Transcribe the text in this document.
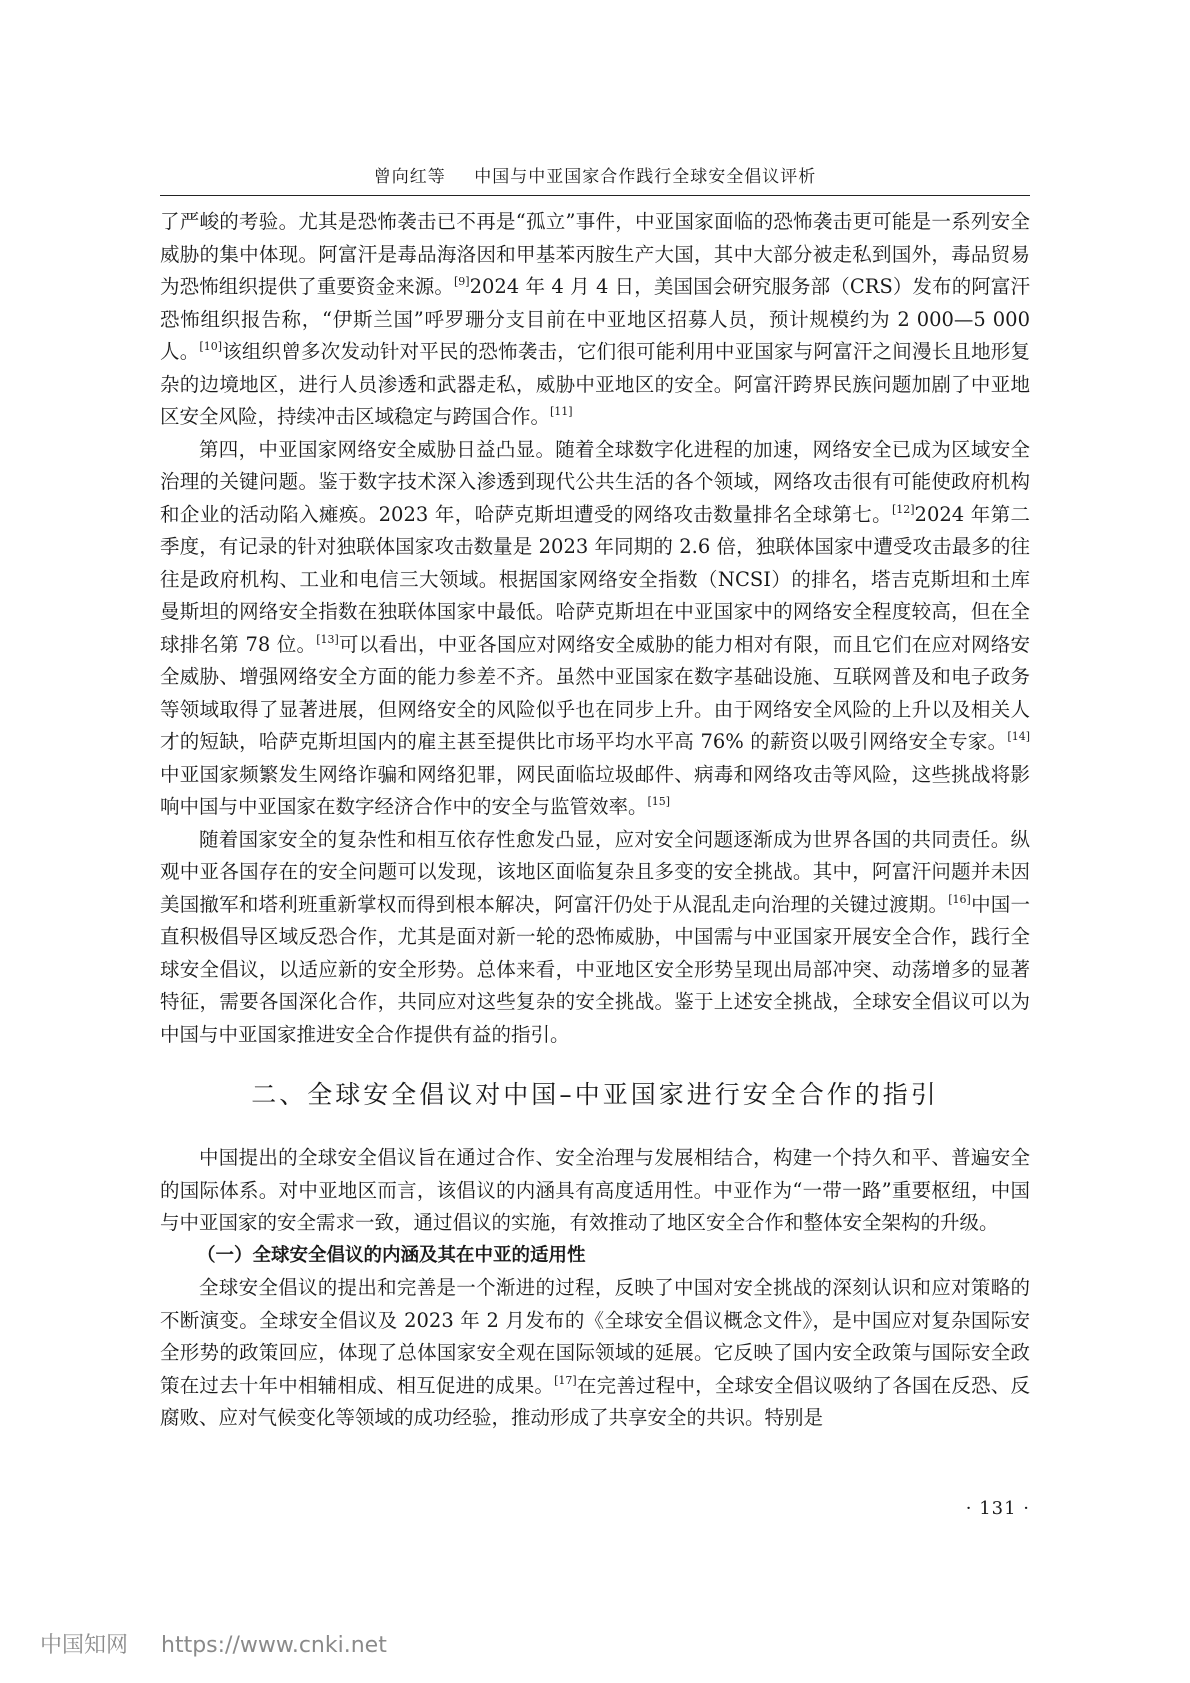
曾向红等 中国与中亚国家合作践行全球安全倡议评析

了严峻的考验。尤其是恐怖袭击已不再是“孤立”事件，中亚国家面临的恐怖袭击更可能是一系列安全威胁的集中体现。阿富汗是毒品海洛因和甲基苯丙胺生产大国，其中大部分被走私到国外，毒品贸易为恐怖组织提供了重要资金来源。[9]2024 年 4 月 4 日，美国国会研究服务部（CRS）发布的阿富汗恐怖组织报告称，“伊斯兰国”呼罗珊分支目前在中亚地区招募人员，预计规模约为 2 000—5 000 人。[10]该组织曾多次发动针对平民的恐怖袭击，它们很可能利用中亚国家与阿富汗之间漫长且地形复杂的边境地区，进行人员渗透和武器走私，威胁中亚地区的安全。阿富汗跨界民族问题加剧了中亚地区安全风险，持续冲击区域稳定与跨国合作。[11]

第四，中亚国家网络安全威胁日益凸显。随着全球数字化进程的加速，网络安全已成为区域安全治理的关键问题。鉴于数字技术深入渗透到现代公共生活的各个领域，网络攻击很有可能使政府机构和企业的活动陷入瘫痪。2023 年，哈萨克斯坦遭受的网络攻击数量排名全球第七。[12]2024 年第二季度，有记录的针对独联体国家攻击数量是 2023 年同期的 2.6 倍，独联体国家中遭受攻击最多的往往是政府机构、工业和电信三大领域。根据国家网络安全指数（NCSI）的排名，塔吉克斯坦和土库曼斯坦的网络安全指数在独联体国家中最低。哈萨克斯坦在中亚国家中的网络安全程度较高，但在全球排名第 78 位。[13]可以看出，中亚各国应对网络安全威胁的能力相对有限，而且它们在应对网络安全威胁、增强网络安全方面的能力参差不齐。虽然中亚国家在数字基础设施、互联网普及和电子政务等领域取得了显著进展，但网络安全的风险似乎也在同步上升。由于网络安全风险的上升以及相关人才的短缺，哈萨克斯坦国内的雇主甚至提供比市场平均水平高 76% 的薪资以吸引网络安全专家。[14]中亚国家频繁发生网络诈骗和网络犯罪，网民面临垃圾邮件、病毒和网络攻击等风险，这些挑战将影响中国与中亚国家在数字经济合作中的安全与监管效率。[15]

随着国家安全的复杂性和相互依存性愈发凸显，应对安全问题逐渐成为世界各国的共同责任。纵观中亚各国存在的安全问题可以发现，该地区面临复杂且多变的安全挑战。其中，阿富汗问题并未因美国撤军和塔利班重新掌权而得到根本解决，阿富汗仍处于从混乱走向治理的关键过渡期。[16]中国一直积极倡导区域反恐合作，尤其是面对新一轮的恐怖威胁，中国需与中亚国家开展安全合作，践行全球安全倡议，以适应新的安全形势。总体来看，中亚地区安全形势呈现出局部冲突、动荡增多的显著特征，需要各国深化合作，共同应对这些复杂的安全挑战。鉴于上述安全挑战，全球安全倡议可以为中国与中亚国家推进安全合作提供有益的指引。

二、全球安全倡议对中国–中亚国家进行安全合作的指引

中国提出的全球安全倡议旨在通过合作、安全治理与发展相结合，构建一个持久和平、普遍安全的国际体系。对中亚地区而言，该倡议的内涵具有高度适用性。中亚作为“一带一路”重要枢纽，中国与中亚国家的安全需求一致，通过倡议的实施，有效推动了地区安全合作和整体安全架构的升级。

（一）全球安全倡议的内涵及其在中亚的适用性

全球安全倡议的提出和完善是一个渐进的过程，反映了中国对安全挑战的深刻认识和应对策略的不断演变。全球安全倡议及 2023 年 2 月发布的《全球安全倡议概念文件》，是中国应对复杂国际安全形势的政策回应，体现了总体国家安全观在国际领域的延展。它反映了国内安全政策与国际安全政策在过去十年中相辅相成、相互促进的成果。[17]在完善过程中，全球安全倡议吸纳了各国在反恐、反腐败、应对气候变化等领域的成功经验，推动形成了共享安全的共识。特别是

· 131 ·
中国知网 https://www.cnki.net
